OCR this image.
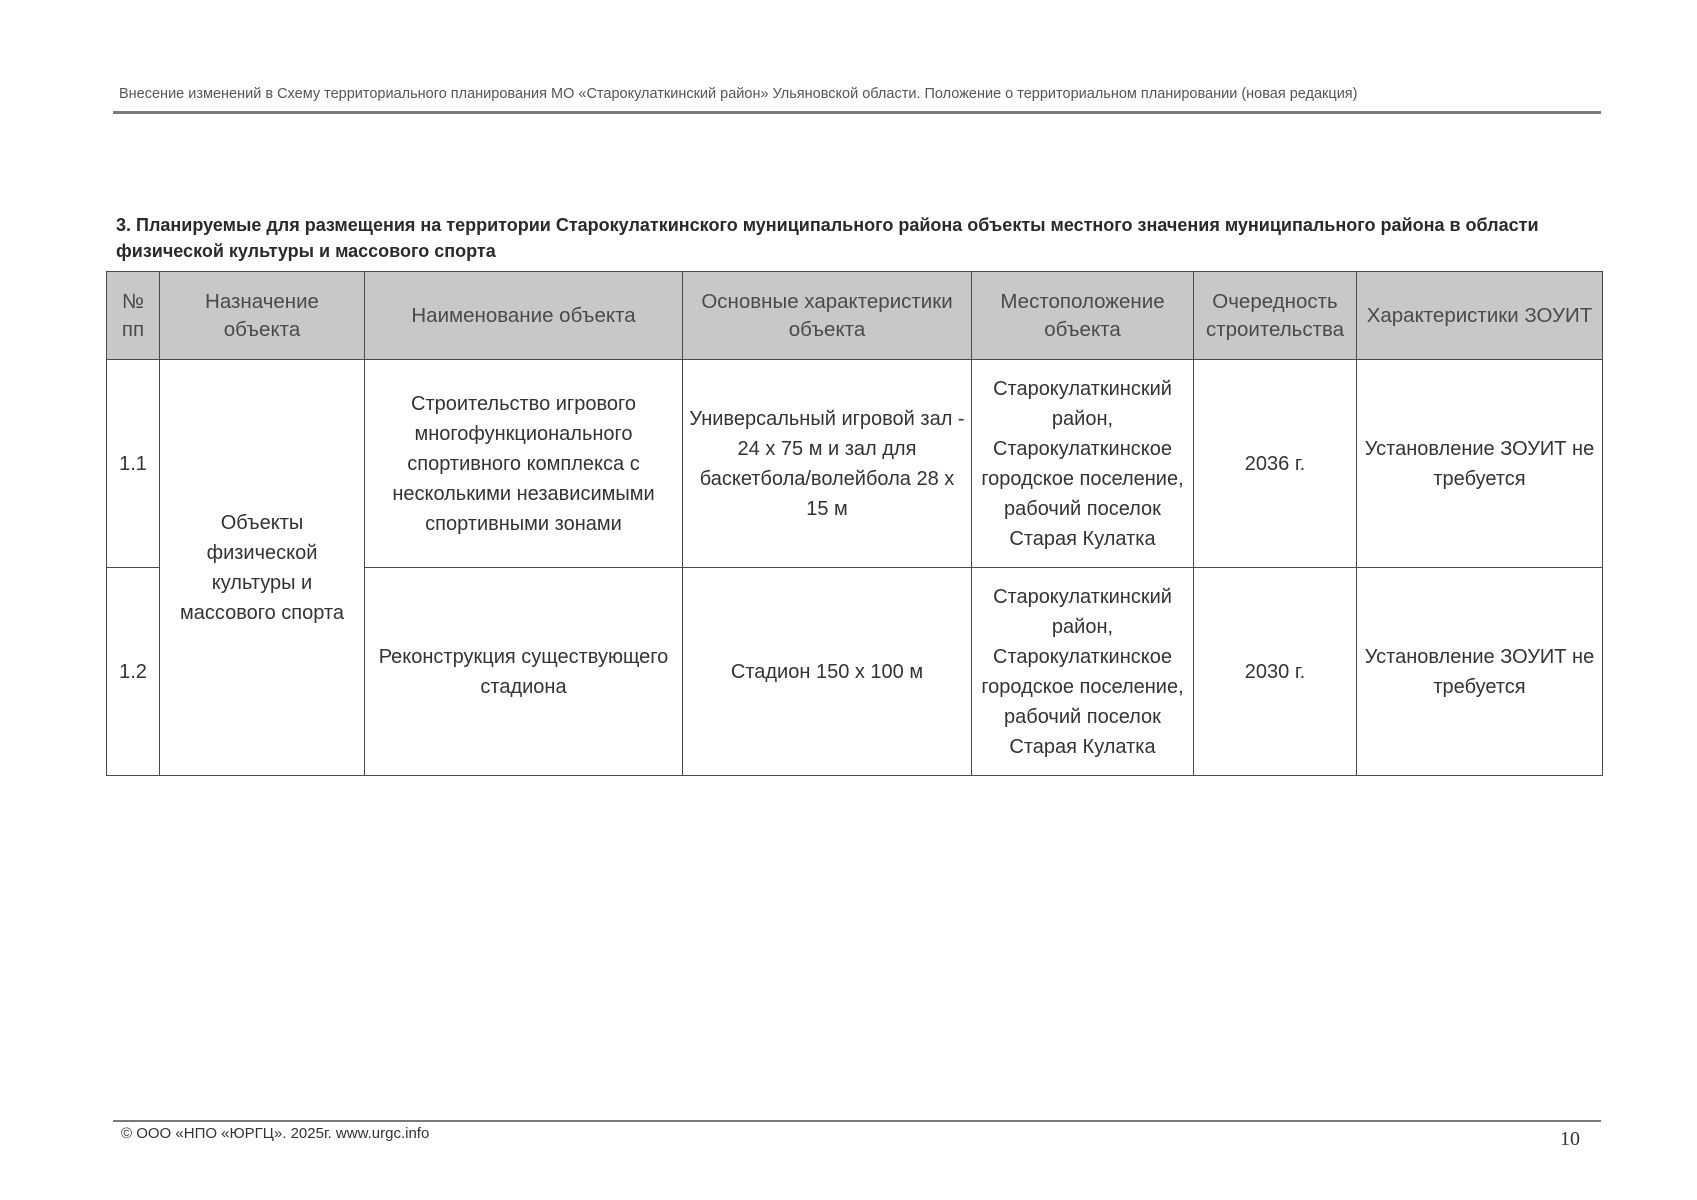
Внесение изменений в Схему территориального планирования МО «Старокулаткинский район» Ульяновской области. Положение о территориальном планировании (новая редакция)
3. Планируемые для размещения на территории Старокулаткинского муниципального района объекты местного значения муниципального района в области физической культуры и массового спорта
№ пп	Назначение объекта	Наименование объекта	Основные характеристики объекта	Местоположение объекта	Очередность строительства	Характеристики ЗОУИТ
1.1	Объекты физической культуры и массового спорта	Строительство игрового многофункционального спортивного комплекса с несколькими независимыми спортивными зонами	Универсальный игровой зал - 24 х 75 м и зал для баскетбола/волейбола 28 х 15 м	Старокулаткинский район, Старокулаткинское городское поселение, рабочий поселок Старая Кулатка	2036 г.	Установление ЗОУИТ не требуется
1.2		Реконструкция существующего стадиона	Стадион 150 х 100 м	Старокулаткинский район, Старокулаткинское городское поселение, рабочий поселок Старая Кулатка	2030 г.	Установление ЗОУИТ не требуется
© ООО «НПО «ЮРГЦ». 2025г. www.urgc.info	10
